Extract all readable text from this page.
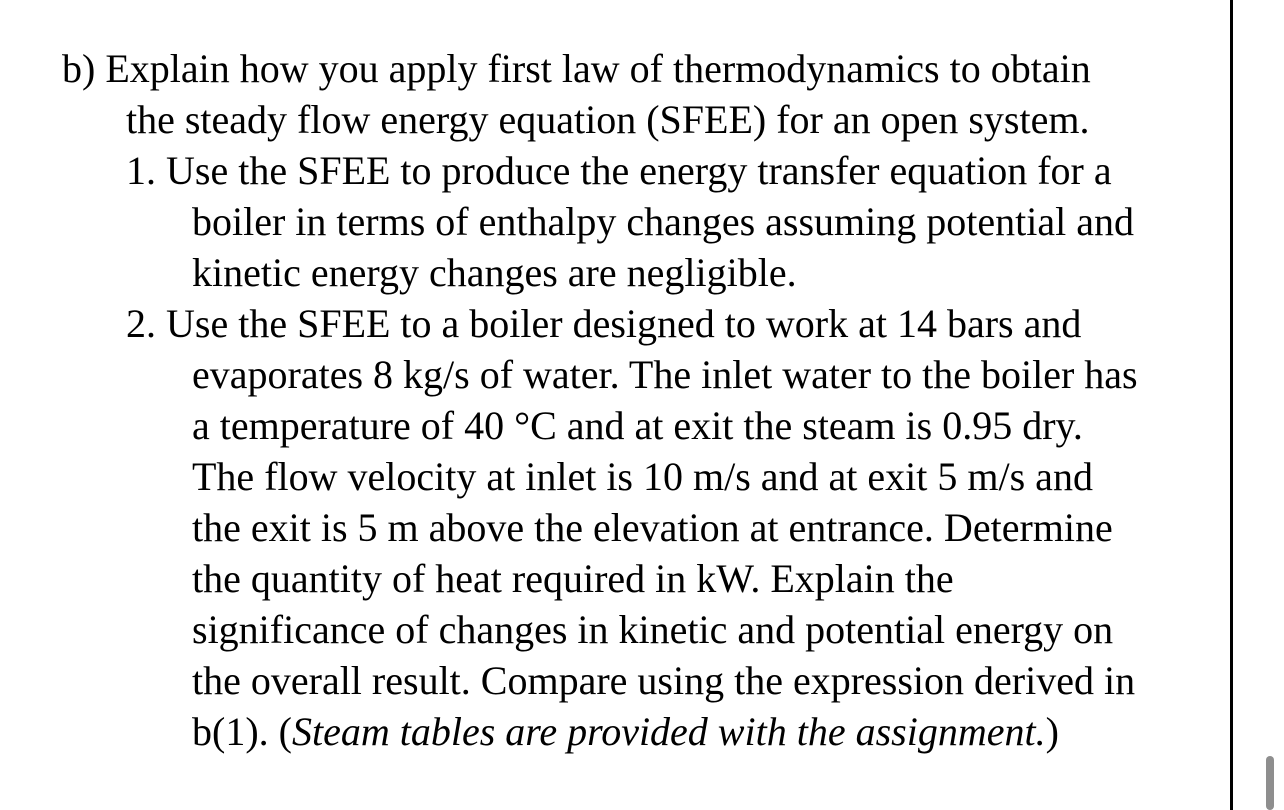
b) Explain how you apply first law of thermodynamics to obtain
the steady flow energy equation (SFEE) for an open system.
1. Use the SFEE to produce the energy transfer equation for a
boiler in terms of enthalpy changes assuming potential and
kinetic energy changes are negligible.
2. Use the SFEE to a boiler designed to work at 14 bars and
evaporates 8 kg/s of water. The inlet water to the boiler has
a temperature of 40 °C and at exit the steam is 0.95 dry.
The flow velocity at inlet is 10 m/s and at exit 5 m/s and
the exit is 5 m above the elevation at entrance. Determine
the quantity of heat required in kW. Explain the
significance of changes in kinetic and potential energy on
the overall result. Compare using the expression derived in
b(1). (Steam tables are provided with the assignment.)
